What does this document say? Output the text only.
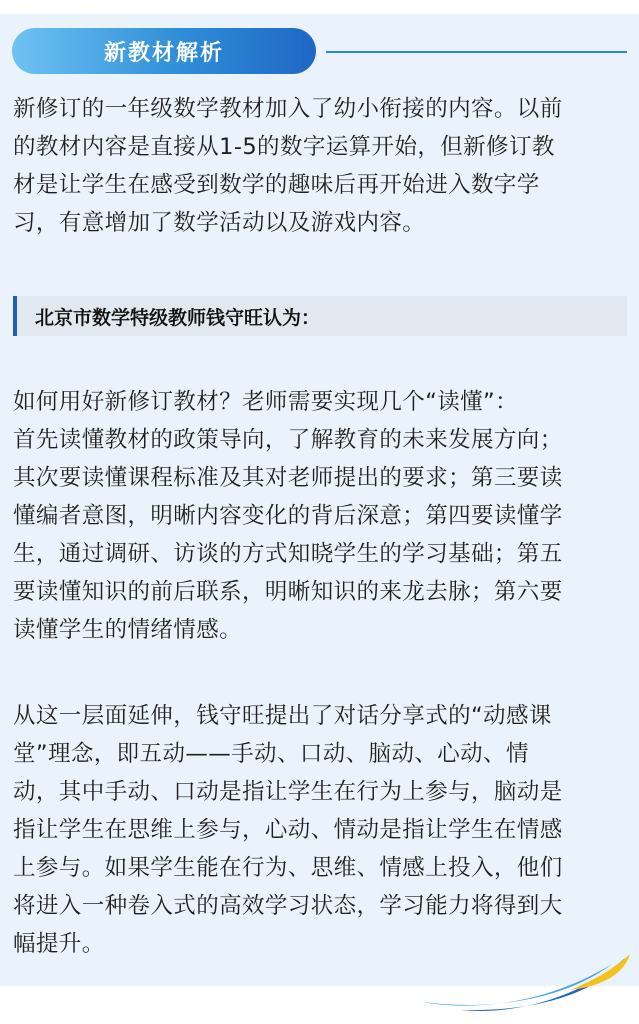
新教材解析

新修订的一年级数学教材加入了幼小衔接的内容。以前
的教材内容是直接从1-5的数字运算开始，但新修订教
材是让学生在感受到数学的趣味后再开始进入数字学
习，有意增加了数学活动以及游戏内容。

北京市数学特级教师钱守旺认为：

如何用好新修订教材？老师需要实现几个“读懂”：
首先读懂教材的政策导向，了解教育的未来发展方向；
其次要读懂课程标准及其对老师提出的要求；第三要读
懂编者意图，明晰内容变化的背后深意；第四要读懂学
生，通过调研、访谈的方式知晓学生的学习基础；第五
要读懂知识的前后联系，明晰知识的来龙去脉；第六要
读懂学生的情绪情感。

从这一层面延伸，钱守旺提出了对话分享式的“动感课
堂”理念，即五动——手动、口动、脑动、心动、情
动，其中手动、口动是指让学生在行为上参与，脑动是
指让学生在思维上参与，心动、情动是指让学生在情感
上参与。如果学生能在行为、思维、情感上投入，他们
将进入一种卷入式的高效学习状态，学习能力将得到大
幅提升。
